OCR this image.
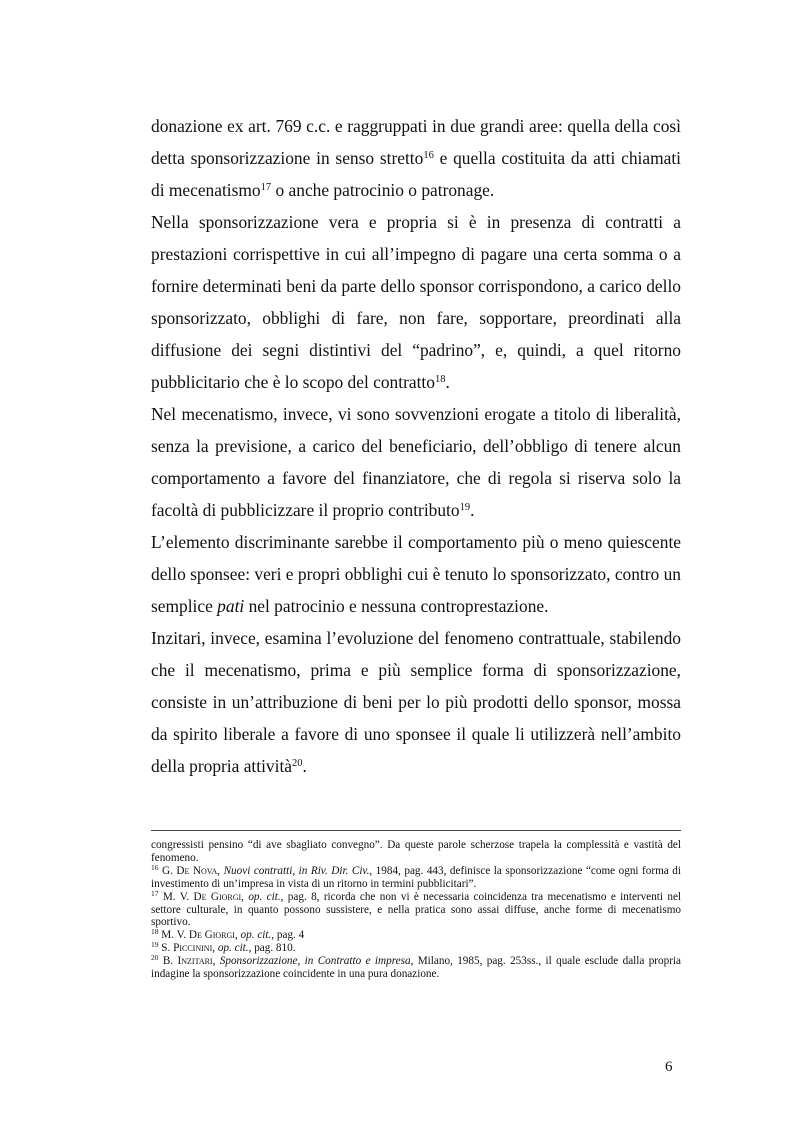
donazione ex art. 769 c.c. e raggruppati in due grandi aree: quella della così detta sponsorizzazione in senso stretto$^{16}$ e quella costituita da atti chiamati di mecenatismo$^{17}$ o anche patrocinio o patronage.

Nella sponsorizzazione vera e propria si è in presenza di contratti a prestazioni corrispettive in cui all’impegno di pagare una certa somma o a fornire determinati beni da parte dello sponsor corrispondono, a carico dello sponsorizzato, obblighi di fare, non fare, sopportare, preordinati alla diffusione dei segni distintivi del “padrino”, e, quindi, a quel ritorno pubblicitario che è lo scopo del contratto$^{18}$.

Nel mecenatismo, invece, vi sono sovvenzioni erogate a titolo di liberalità, senza la previsione, a carico del beneficiario, dell’obbligo di tenere alcun comportamento a favore del finanziatore, che di regola si riserva solo la facoltà di pubblicizzare il proprio contributo$^{19}$.

L’elemento discriminante sarebbe il comportamento più o meno quiescente dello sponsee: veri e propri obblighi cui è tenuto lo sponsorizzato, contro un semplice pati nel patrocinio e nessuna controprestazione.

Inzitari, invece, esamina l’evoluzione del fenomeno contrattuale, stabilendo che il mecenatismo, prima e più semplice forma di sponsorizzazione, consiste in un’attribuzione di beni per lo più prodotti dello sponsor, mossa da spirito liberale a favore di uno sponsee il quale li utilizzerà nell’ambito della propria attività$^{20}$.

congressisti pensino “di ave sbagliato convegno”. Da queste parole scherzose trapela la complessità e vastità del fenomeno.

$^{16}$ G. De Nova, Nuovi contratti, in Riv. Dir. Civ., 1984, pag. 443, definisce la sponsorizzazione “come ogni forma di investimento di un’impresa in vista di un ritorno in termini pubblicitari”.

$^{17}$ M. V. De Giorgi, op. cit., pag. 8, ricorda che non vi è necessaria coincidenza tra mecenatismo e interventi nel settore culturale, in quanto possono sussistere, e nella pratica sono assai diffuse, anche forme di mecenatismo sportivo.

$^{18}$ M. V. De Giorgi, op. cit., pag. 4

$^{19}$ S. Piccinini, op. cit., pag. 810.

$^{20}$ B. Inzitari, Sponsorizzazione, in Contratto e impresa, Milano, 1985, pag. 253ss., il quale esclude dalla propria indagine la sponsorizzazione coincidente in una pura donazione.

6
